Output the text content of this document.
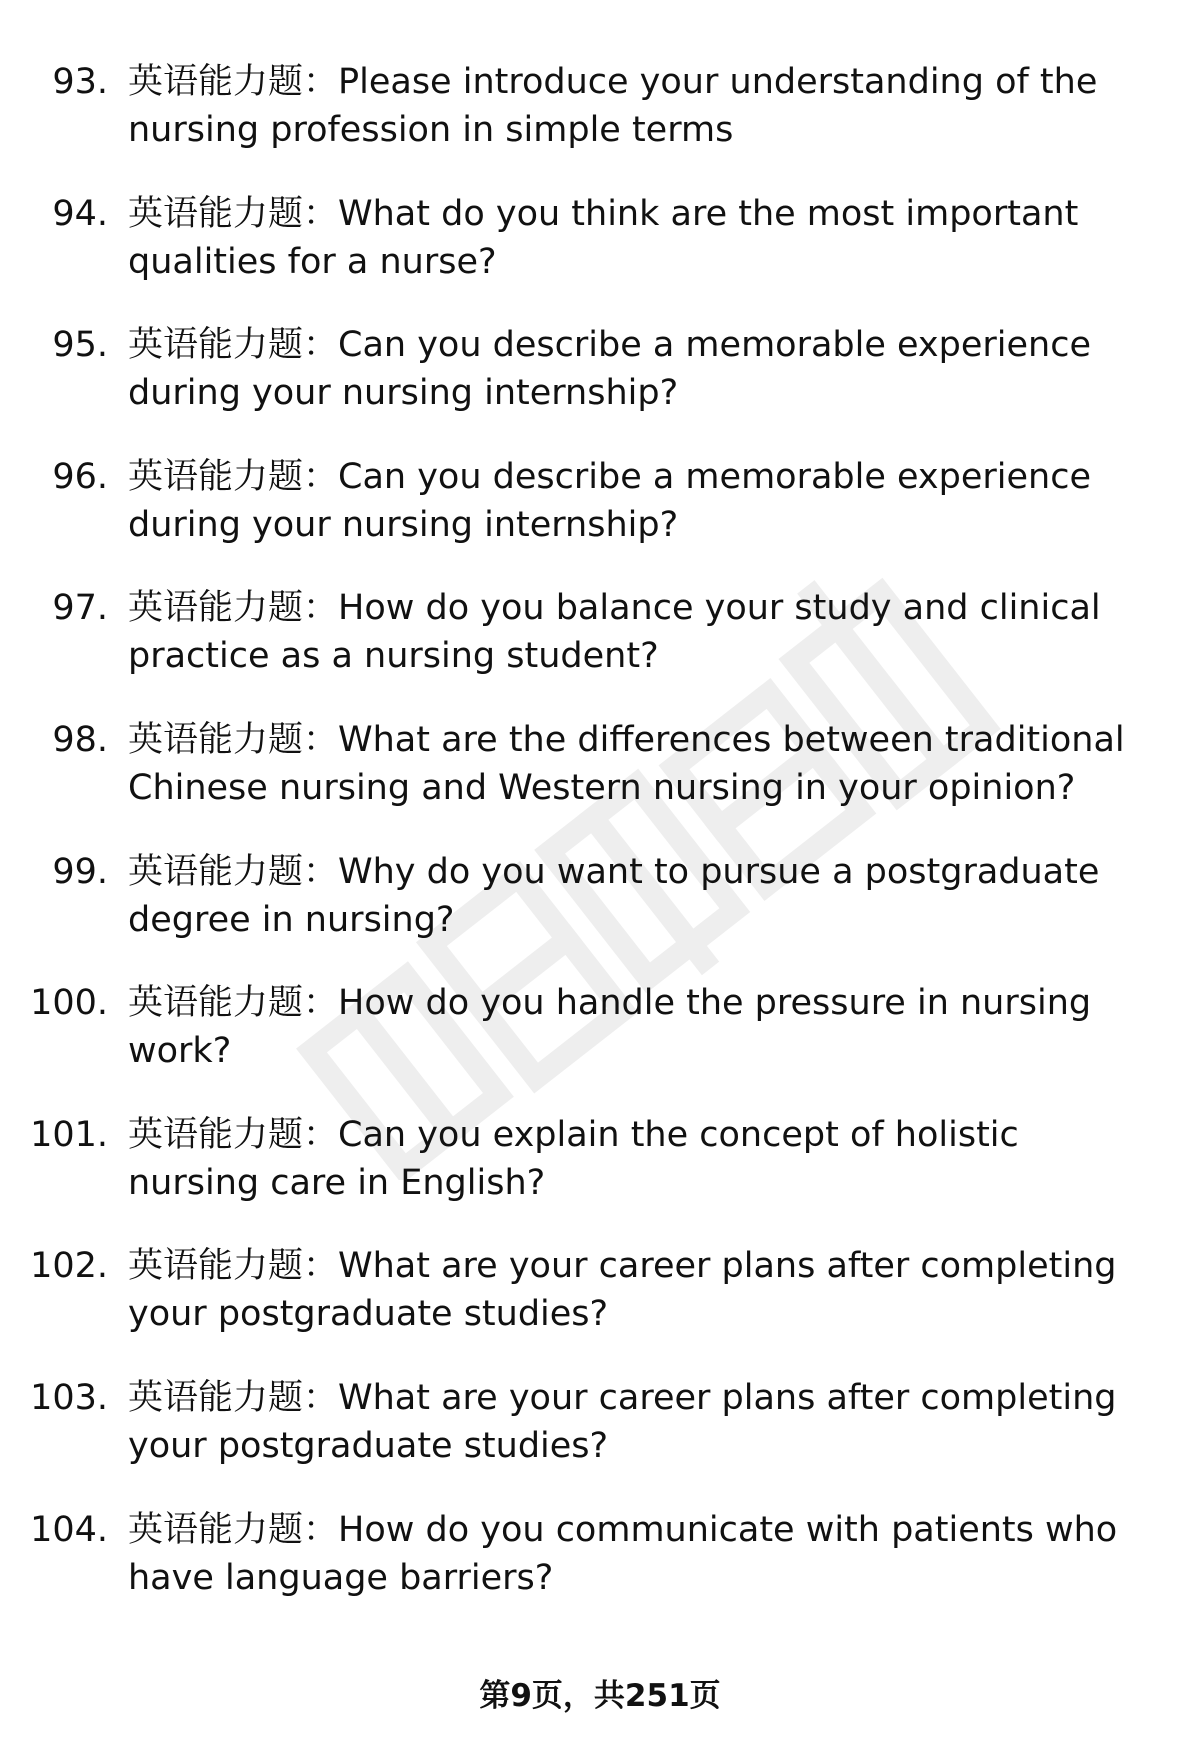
93. 英语能力题：Please introduce your understanding of the nursing profession in simple terms
94. 英语能力题：What do you think are the most important qualities for a nurse?
95. 英语能力题：Can you describe a memorable experience during your nursing internship?
96. 英语能力题：Can you describe a memorable experience during your nursing internship?
97. 英语能力题：How do you balance your study and clinical practice as a nursing student?
98. 英语能力题：What are the differences between traditional Chinese nursing and Western nursing in your opinion?
99. 英语能力题：Why do you want to pursue a postgraduate degree in nursing?
100. 英语能力题：How do you handle the pressure in nursing work?
101. 英语能力题：Can you explain the concept of holistic nursing care in English?
102. 英语能力题：What are your career plans after completing your postgraduate studies?
103. 英语能力题：What are your career plans after completing your postgraduate studies?
104. 英语能力题：How do you communicate with patients who have language barriers?
第9页，共251页
